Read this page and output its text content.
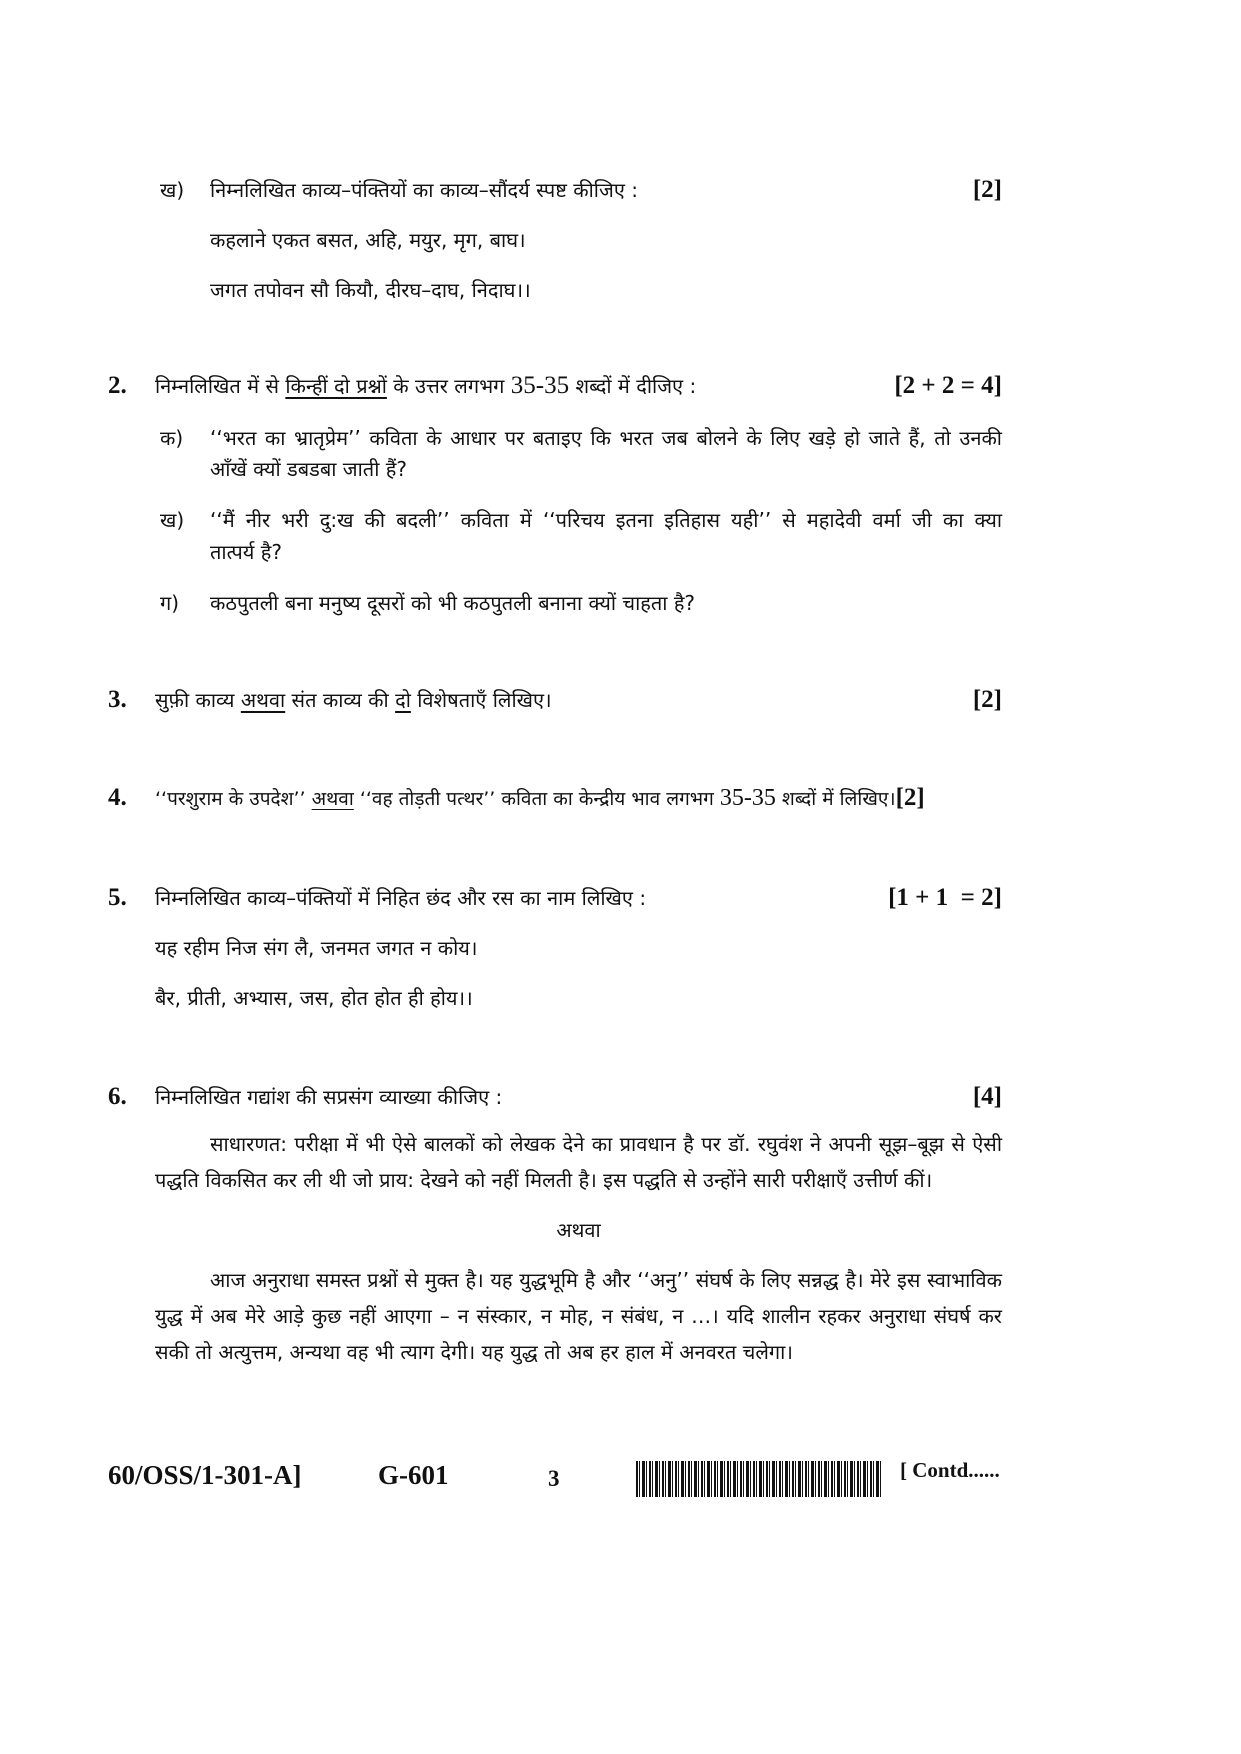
ख) निम्नलिखित काव्य–पंक्तियों का काव्य–सौंदर्य स्पष्ट कीजिए :	[2]
कहलाने एकत बसत, अहि, मयुर, मृग, बाघ।
जगत तपोवन सौ कियौ, दीरघ–दाघ, निदाघ।।
2. निम्नलिखित में से किन्हीं दो प्रश्नों के उत्तर लगभग 35-35 शब्दों में दीजिए :	[2 + 2 = 4]
क) ‘‘भरत का भ्रातृप्रेम’’ कविता के आधार पर बताइए कि भरत जब बोलने के लिए खड़े हो जाते हैं, तो उनकी
आँखें क्यों डबडबा जाती हैं?
ख) ‘‘मैं नीर भरी दु:ख की बदली’’ कविता में ‘‘परिचय इतना इतिहास यही’’ से महादेवी वर्मा जी का क्या
तात्पर्य है?
ग) कठपुतली बना मनुष्य दूसरों को भी कठपुतली बनाना क्यों चाहता है?
3. सुफ़ी काव्य अथवा संत काव्य की दो विशेषताएँ लिखिए।	[2]
4. ‘‘परशुराम के उपदेश’’ अथवा ‘‘वह तोड़ती पत्थर’’ कविता का केन्द्रीय भाव लगभग 35-35 शब्दों में लिखिए।[2]
5. निम्नलिखित काव्य–पंक्तियों में निहित छंद और रस का नाम लिखिए :	[1 + 1  = 2]
यह रहीम निज संग लै, जनमत जगत न कोय।
बैर, प्रीती, अभ्यास, जस, होत होत ही होय।।
6. निम्नलिखित गद्यांश की सप्रसंग व्याख्या कीजिए :	[4]
साधारणत: परीक्षा में भी ऐसे बालकों को लेखक देने का प्रावधान है पर डॉ. रघुवंश ने अपनी सूझ–बूझ से ऐसी पद्धति विकसित कर ली थी जो प्राय: देखने को नहीं मिलती है। इस पद्धति से उन्होंने सारी परीक्षाएँ उत्तीर्ण कीं।
अथवा
आज अनुराधा समस्त प्रश्नों से मुक्त है। यह युद्धभूमि है और ‘‘अनु’’ संघर्ष के लिए सन्नद्ध है। मेरे इस स्वाभाविक युद्ध में अब मेरे आड़े कुछ नहीं आएगा – न संस्कार, न मोह, न संबंध, न …। यदि शालीन रहकर अनुराधा संघर्ष कर सकी तो अत्युत्तम, अन्यथा वह भी त्याग देगी। यह युद्ध तो अब हर हाल में अनवरत चलेगा।
60/OSS/1-301-A]	G-601	3	[ Contd......
